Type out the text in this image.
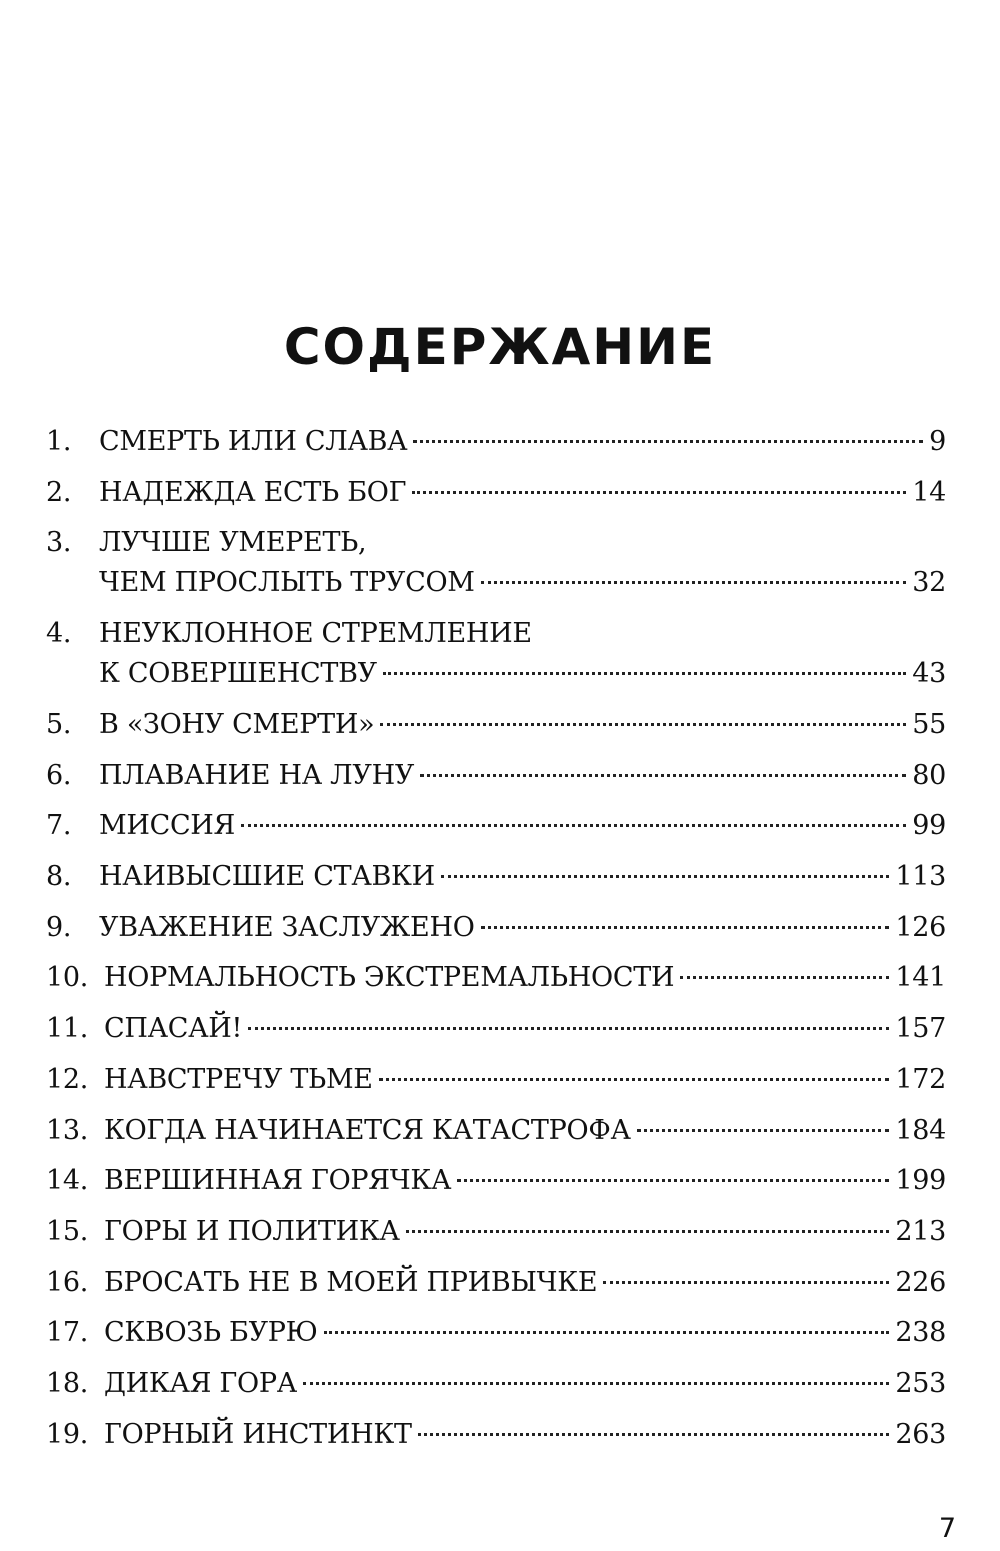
СОДЕРЖАНИЕ
1. СМЕРТЬ ИЛИ СЛАВА	9
2. НАДЕЖДА ЕСТЬ БОГ	14
3. ЛУЧШЕ УМЕРЕТЬ,
ЧЕМ ПРОСЛЫТЬ ТРУСОМ	32
4. НЕУКЛОННОЕ СТРЕМЛЕНИЕ
К СОВЕРШЕНСТВУ	43
5. В «ЗОНУ СМЕРТИ»	55
6. ПЛАВАНИЕ НА ЛУНУ	80
7. МИССИЯ	99
8. НАИВЫСШИЕ СТАВКИ	113
9. УВАЖЕНИЕ ЗАСЛУЖЕНО	126
10. НОРМАЛЬНОСТЬ ЭКСТРЕМАЛЬНОСТИ	141
11. СПАСАЙ!	157
12. НАВСТРЕЧУ ТЬМЕ	172
13. КОГДА НАЧИНАЕТСЯ КАТАСТРОФА	184
14. ВЕРШИННАЯ ГОРЯЧКА	199
15. ГОРЫ И ПОЛИТИКА	213
16. БРОСАТЬ НЕ В МОЕЙ ПРИВЫЧКЕ	226
17. СКВОЗЬ БУРЮ	238
18. ДИКАЯ ГОРА	253
19. ГОРНЫЙ ИНСТИНКТ	263
7
